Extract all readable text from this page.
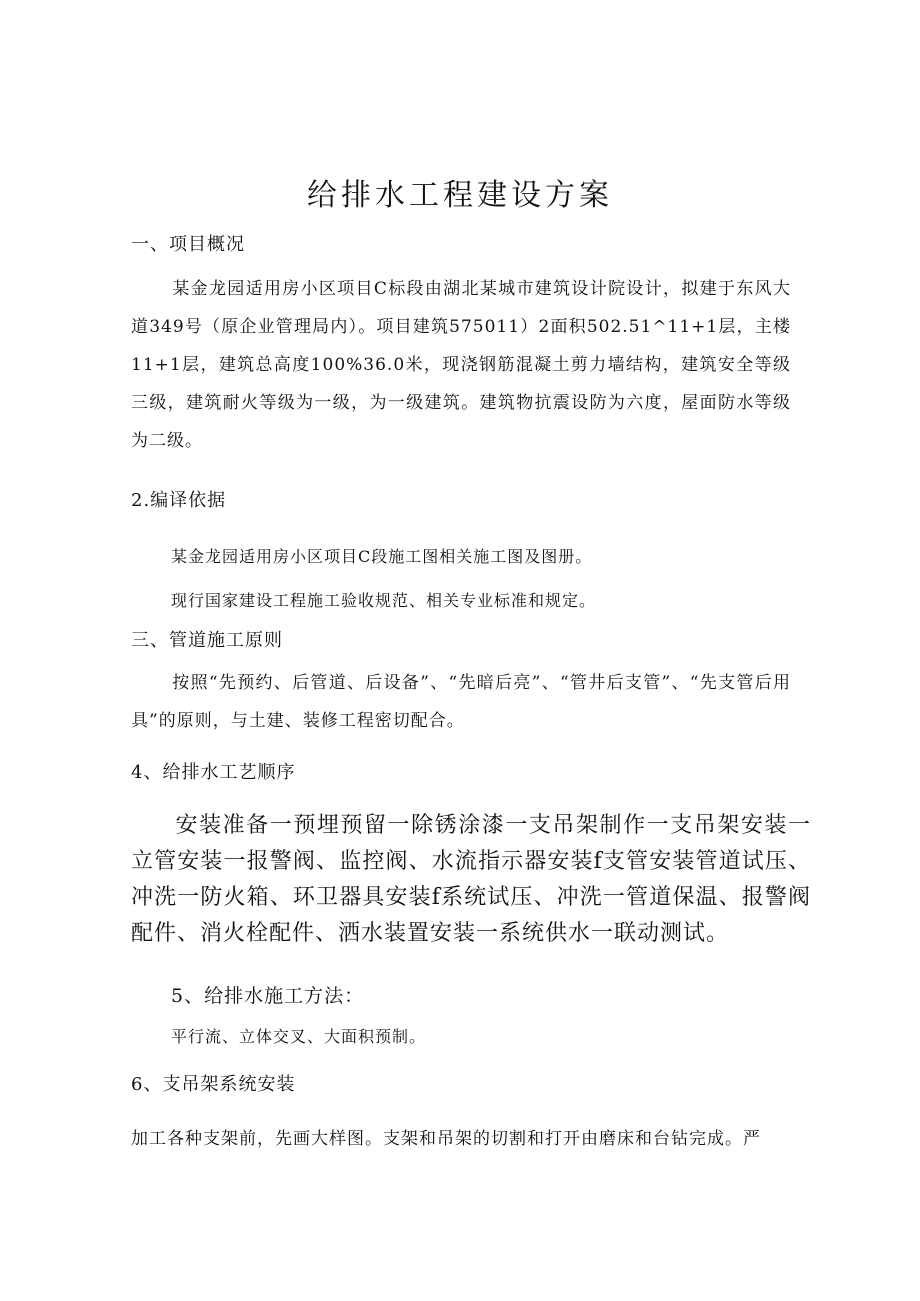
给排水工程建设方案
一、项目概况

某金龙园适用房小区项目C标段由湖北某城市建筑设计院设计，拟建于东风大道349号（原企业管理局内）。项目建筑575011）2面积502.51^11+1层，主楼11+1层，建筑总高度100%36.0米，现浇钢筋混凝土剪力墙结构，建筑安全等级三级，建筑耐火等级为一级，为一级建筑。建筑物抗震设防为六度，屋面防水等级为二级。

2.编译依据
某金龙园适用房小区项目C段施工图相关施工图及图册。
现行国家建设工程施工验收规范、相关专业标准和规定。
三、管道施工原则

按照“先预约、后管道、后设备”、“先暗后亮”、“管井后支管”、“先支管后用具”的原则，与土建、装修工程密切配合。

4、给排水工艺顺序

安装准备一预埋预留一除锈涂漆一支吊架制作一支吊架安装一立管安装一报警阀、监控阀、水流指示器安装f支管安装管道试压、冲洗一防火箱、环卫器具安装f系统试压、冲洗一管道保温、报警阀配件、消火栓配件、洒水装置安装一系统供水一联动测试。

5、给排水施工方法：
平行流、立体交叉、大面积预制。
6、支吊架系统安装
加工各种支架前，先画大样图。支架和吊架的切割和打开由磨床和台钻完成。严
